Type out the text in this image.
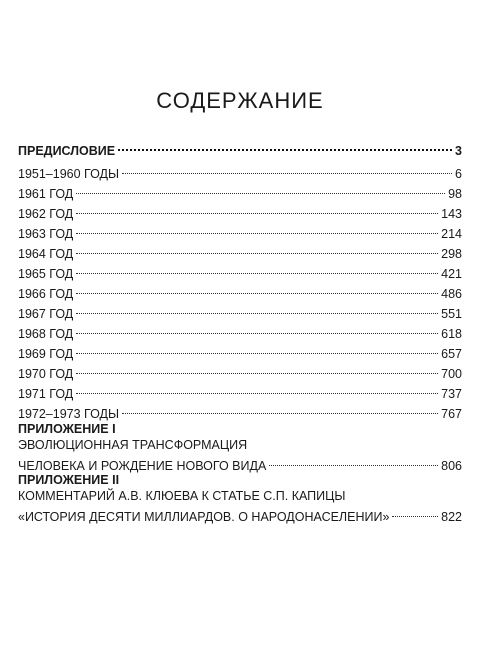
СОДЕРЖАНИЕ
ПРЕДИСЛОВИЕ	3
1951–1960 ГОДЫ	6
1961 ГОД	98
1962 ГОД	143
1963 ГОД	214
1964 ГОД	298
1965 ГОД	421
1966 ГОД	486
1967 ГОД	551
1968 ГОД	618
1969 ГОД	657
1970 ГОД	700
1971 ГОД	737
1972–1973 ГОДЫ	767
ПРИЛОЖЕНИЕ I
ЭВОЛЮЦИОННАЯ ТРАНСФОРМАЦИЯ
ЧЕЛОВЕКА И РОЖДЕНИЕ НОВОГО ВИДА	806
ПРИЛОЖЕНИЕ II
КОММЕНТАРИЙ А.В. КЛЮЕВА К СТАТЬЕ С.П. КАПИЦЫ
«ИСТОРИЯ ДЕСЯТИ МИЛЛИАРДОВ. О НАРОДОНАСЕЛЕНИИ»	822
